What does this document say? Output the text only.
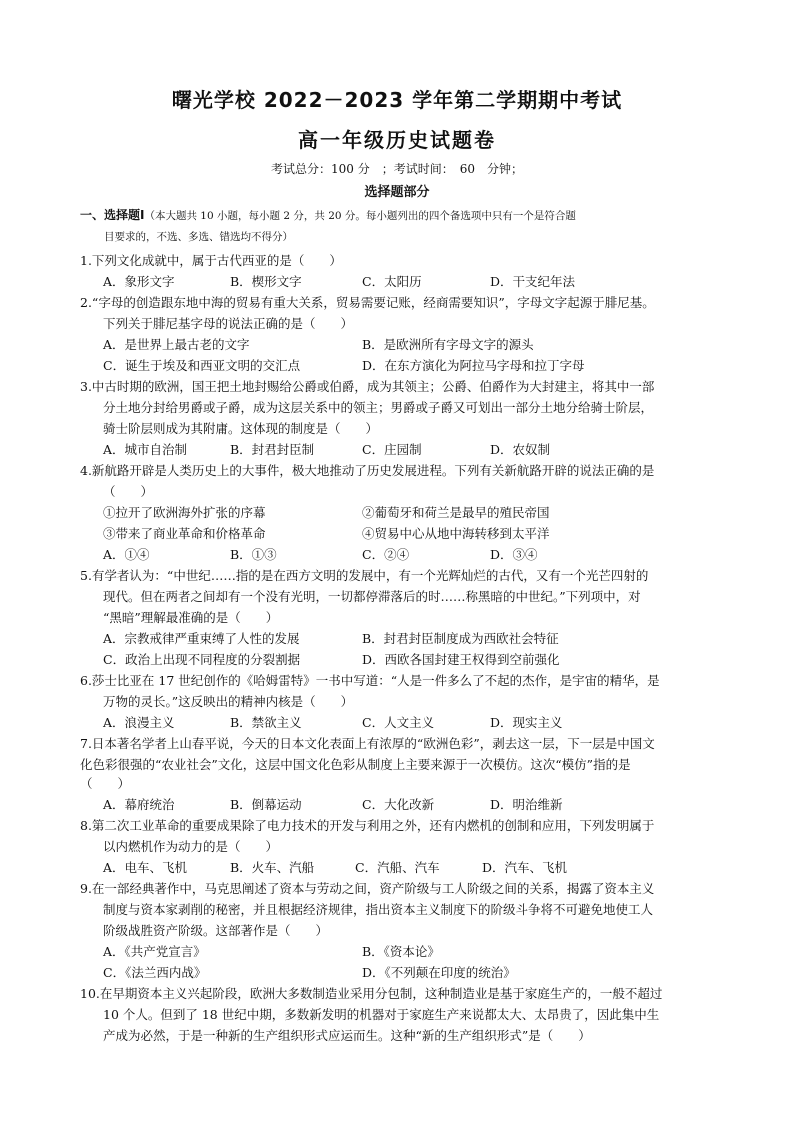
曙光学校 2022－2023 学年第二学期期中考试
高一年级历史试题卷
考试总分：100 分　；考试时间：　60　分钟；
选择题部分
一、选择题Ⅰ（本大题共 10 小题，每小题 2 分，共 20 分。每小题列出的四个备选项中只有一个是符合题
目要求的，不选、多选、错选均不得分）
1.下列文化成就中，属于古代西亚的是（　　）
A．象形文字	B．楔形文字	C．太阳历	D．干支纪年法
2.“字母的创造跟东地中海的贸易有重大关系，贸易需要记账，经商需要知识”，字母文字起源于腓尼基。
下列关于腓尼基字母的说法正确的是（　　）
A．是世界上最古老的文字	B．是欧洲所有字母文字的源头
C．诞生于埃及和西亚文明的交汇点	D．在东方演化为阿拉马字母和拉丁字母
3.中古时期的欧洲，国王把土地封赐给公爵或伯爵，成为其领主；公爵、伯爵作为大封建主，将其中一部
分土地分封给男爵或子爵，成为这层关系中的领主；男爵或子爵又可划出一部分土地分给骑士阶层，
骑士阶层则成为其附庸。这体现的制度是（　　）
A．城市自治制	B．封君封臣制	C．庄园制	D．农奴制
4.新航路开辟是人类历史上的大事件，极大地推动了历史发展进程。下列有关新航路开辟的说法正确的是
（　　）
①拉开了欧洲海外扩张的序幕	②葡萄牙和荷兰是最早的殖民帝国
③带来了商业革命和价格革命	④贸易中心从地中海转移到太平洋
A．①④	B．①③	C．②④	D．③④
5.有学者认为：“中世纪……指的是在西方文明的发展中，有一个光辉灿烂的古代，又有一个光芒四射的
现代。但在两者之间却有一个没有光明，一切都停滞落后的时……称黑暗的中世纪。”下列项中，对
“黑暗”理解最准确的是（　　）
A．宗教戒律严重束缚了人性的发展	B．封君封臣制度成为西欧社会特征
C．政治上出现不同程度的分裂割据	D．西欧各国封建王权得到空前强化
6.莎士比亚在 17 世纪创作的《哈姆雷特》一书中写道：“人是一件多么了不起的杰作，是宇宙的精华，是
万物的灵长。”这反映出的精神内核是（　　）
A．浪漫主义	B．禁欲主义	C．人文主义	D．现实主义
7.日本著名学者上山春平说，今天的日本文化表面上有浓厚的“欧洲色彩”，剥去这一层，下一层是中国文
化色彩很强的“农业社会”文化，这层中国文化色彩从制度上主要来源于一次模仿。这次“模仿”指的是
（　　）
A．幕府统治	B．倒幕运动	C．大化改新	D．明治维新
8.第二次工业革命的重要成果除了电力技术的开发与利用之外，还有内燃机的创制和应用，下列发明属于
以内燃机作为动力的是（　　）
A．电车、飞机	B．火车、汽船	C．汽船、汽车	D．汽车、飞机
9.在一部经典著作中，马克思阐述了资本与劳动之间，资产阶级与工人阶级之间的关系，揭露了资本主义
制度与资本家剥削的秘密，并且根据经济规律，指出资本主义制度下的阶级斗争将不可避免地使工人
阶级战胜资产阶级。这部著作是（　　）
A．《共产党宣言》	B．《资本论》
C．《法兰西内战》	D．《不列颠在印度的统治》
10.在早期资本主义兴起阶段，欧洲大多数制造业采用分包制，这种制造业是基于家庭生产的，一般不超过
10 个人。但到了 18 世纪中期，多数新发明的机器对于家庭生产来说都太大、太昂贵了，因此集中生
产成为必然，于是一种新的生产组织形式应运而生。这种“新的生产组织形式”是（　　）
